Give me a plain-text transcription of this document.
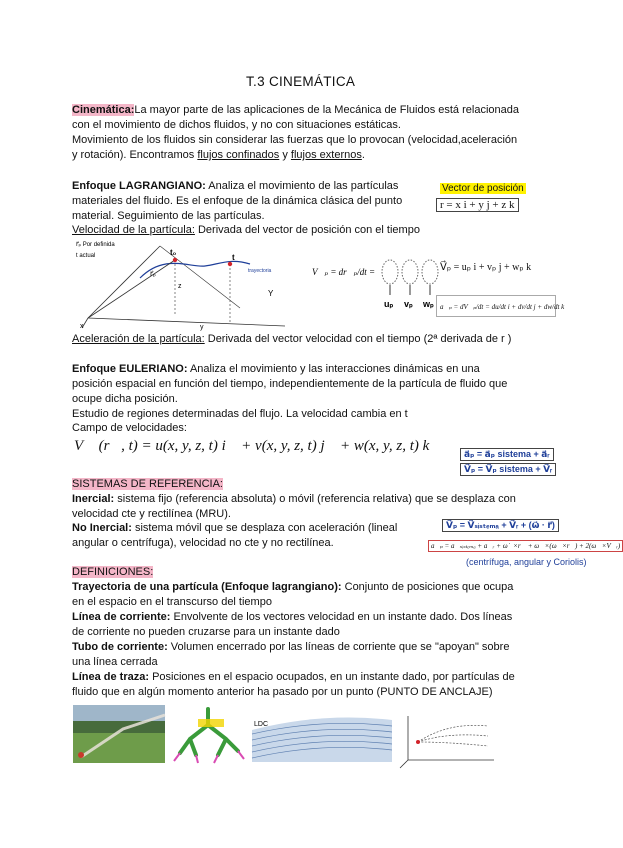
T.3 CINEMÁTICA
Cinemática:La mayor parte de las aplicaciones de la Mecánica de Fluidos está relacionada
con el movimiento de dichos fluidos, y no con situaciones estáticas.
Movimiento de los fluidos sin considerar las fuerzas que lo provocan (velocidad,aceleración
y rotación). Encontramos flujos confinados y flujos externos.
Enfoque LAGRANGIANO: Analiza el movimiento de las partículas
materiales del fluido. Es el enfoque de la dinámica clásica del punto
material. Seguimiento de las partículas.
Velocidad de la partícula: Derivada del vector de posición con el tiempo
Vector de posición
r = x i + y j + z k
r⃗ₚ Por definida
t actual	t₀
t
trayectoria
Y
x	y
z
r⃗ₚ	V⃗ₚ = dr⃗ₚ/dt =
uₚ vₚ wₚ
V⃗ₚ = uₚ i + vₚ j + wₚ k
a⃗ₚ = dV⃗ₚ/dt = du/dt i + dv/dt j + dw/dt k
Aceleración de la partícula: Derivada del vector velocidad con el tiempo (2ª derivada de r )
Enfoque EULERIANO: Analiza el movimiento y las interacciones dinámicas en una
posición espacial en función del tiempo, independientemente de la partícula de fluido que
ocupe dicha posición.
Estudio de regiones determinadas del flujo. La velocidad cambia en t
Campo de velocidades:
V⃗ (r⃗, t) = u(x, y, z, t) i⃗ + v(x, y, z, t) j⃗ + w(x, y, z, t) k⃗	a⃗ₚ = a⃗ₚ sistema + a⃗ᵣ
V⃗ₚ = V⃗ₚ sistema + V⃗ᵣ
SISTEMAS DE REFERENCIA:
Inercial: sistema fijo (referencia absoluta) o móvil (referencia relativa) que se desplaza con
velocidad cte y rectilínea (MRU).
No Inercial: sistema móvil que se desplaza con aceleración (lineal
angular o centrífuga), velocidad no cte y no rectilínea.
V⃗ₚ = V⃗ₛᵢₛₜₑₘₐ + V⃗ᵣ + (ω⃗ · r⃗)
a⃗ₚ = a⃗ₛᵢₛₜₑₘₐ + a⃗ᵣ + ω̇⃗×r⃗ + ω⃗×(ω⃗×r⃗) + 2(ω⃗×V⃗ᵣ)
(centrífuga, angular y Coriolis)
DEFINICIONES:
Trayectoria de una partícula (Enfoque lagrangiano): Conjunto de posiciones que ocupa
en el espacio en el transcurso del tiempo
Línea de corriente: Envolvente de los vectores velocidad en un instante dado. Dos líneas
de corriente no pueden cruzarse para un instante dado
Tubo de corriente: Volumen encerrado por las líneas de corriente que se "apoyan" sobre
una línea cerrada
Línea de traza: Posiciones en el espacio ocupados, en un instante dado, por partículas de
fluido que en algún momento anterior ha pasado por un punto (PUNTO DE ANCLAJE)
LDC
